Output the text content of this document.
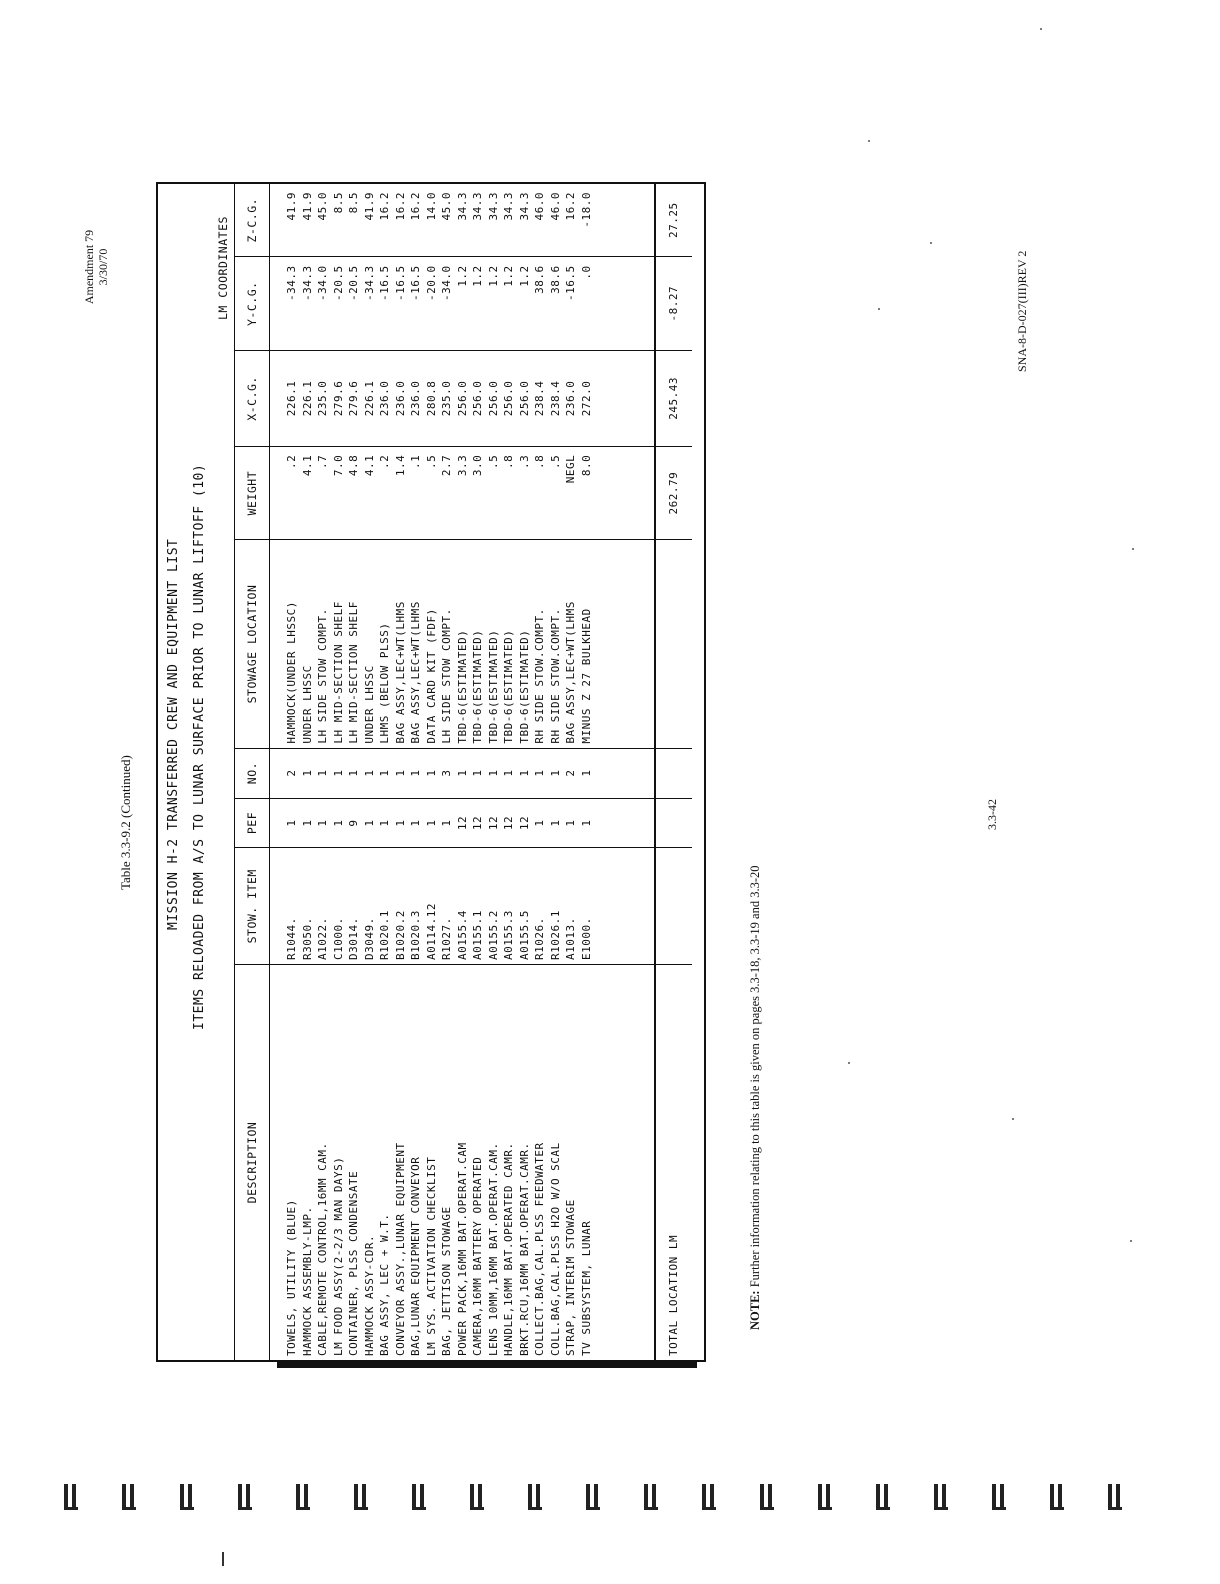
Amendment 79 3/30/70
Table 3.3-9.2 (Continued)	MISSION H-2 TRANSFERRED CREW AND EQUIPMENT LIST ITEMS RELOADED FROM A/S TO LUNAR SURFACE PRIOR TO LUNAR LIFTOFF (10)
LM COORDINATES
DESCRIPTION	STOW. ITEM	PEF	NO.	STOWAGE LOCATION	WEIGHT	X-C.G.	Y-C.G.	Z-C.G.
TOWELS, UTILITY (BLUE)	R1044.	1	2	HAMMOCK(UNDER LHSSC)	.2	226.1	-34.3	41.9
HAMMOCK ASSEMBLY-LMP.	R3050.	1	1	UNDER LHSSC	4.1	226.1	-34.3	41.9
CABLE,REMOTE CONTROL,16MM CAM.	A1022.	1	1	LH SIDE STOW COMPT.	.7	235.0	-34.0	45.0
LM FOOD ASSY(2-2/3 MAN DAYS)	C1000.	1	1	LH MID-SECTION SHELF	7.0	279.6	-20.5	8.5
CONTAINER, PLSS CONDENSATE	D3014.	9	1	LH MID-SECTION SHELF	4.8	279.6	-20.5	8.5
HAMMOCK ASSY-CDR.	D3049.	1	1	UNDER LHSSC	4.1	226.1	-34.3	41.9
BAG ASSY, LEC + W.T.	R1020.1	1	1	LHMS (BELOW PLSS)	.2	236.0	-16.5	16.2
CONVEYOR ASSY.,LUNAR EQUIPMENT	B1020.2	1	1	BAG ASSY,LEC+WT(LHMS	1.4	236.0	-16.5	16.2
BAG,LUNAR EQUIPMENT CONVEYOR	B1020.3	1	1	BAG ASSY,LEC+WT(LHMS	.1	236.0	-16.5	16.2
LM SYS. ACTIVATION CHECKLIST	A0114.12	1	1	DATA CARD KIT (FDF)	.5	280.8	-20.0	14.0
BAG, JETTISON STOWAGE	R1027.	1	3	LH SIDE STOW COMPT.	2.7	235.0	-34.0	45.0
POWER PACK,16MM BAT.OPERAT.CAM	A0155.4	12	1	TBD-6(ESTIMATED)	3.3	256.0	1.2	34.3
CAMERA,16MM BATTERY OPERATED	A0155.1	12	1	TBD-6(ESTIMATED)	3.0	256.0	1.2	34.3
LENS 10MM,16MM BAT.OPERAT.CAM.	A0155.2	12	1	TBD-6(ESTIMATED)	.5	256.0	1.2	34.3
HANDLE,16MM BAT.OPERATED CAMR.	A0155.3	12	1	TBD-6(ESTIMATED)	.8	256.0	1.2	34.3
BRKT.RCU,16MM BAT.OPERAT.CAMR.	A0155.5	12	1	TBD-6(ESTIMATED)	.3	256.0	1.2	34.3
COLLECT.BAG,CAL.PLSS FEEDWATER	R1026.	1	1	RH SIDE STOW.COMPT.	.8	238.4	38.6	46.0
COLL.BAG,CAL.PLSS H2O W/O SCAL	R1026.1	1	1	RH SIDE STOW.COMPT.	.5	238.4	38.6	46.0
STRAP, INTERIM STOWAGE	A1013.	1	2	BAG ASSY,LEC+WT(LHMS	NEGL	236.0	-16.5	16.2
TV SUBSYSTEM, LUNAR	E1000.	1	1	MINUS Z 27 BULKHEAD	8.0	272.0	.0	-18.0

TOTAL LOCATION LM					262.79	245.43	-8.27	27.25
NOTE: Further information relating to this table is given on pages 3.3-18, 3.3-19 and 3.3-20
3.3-42
SNA-8-D-027(III)REV 2
